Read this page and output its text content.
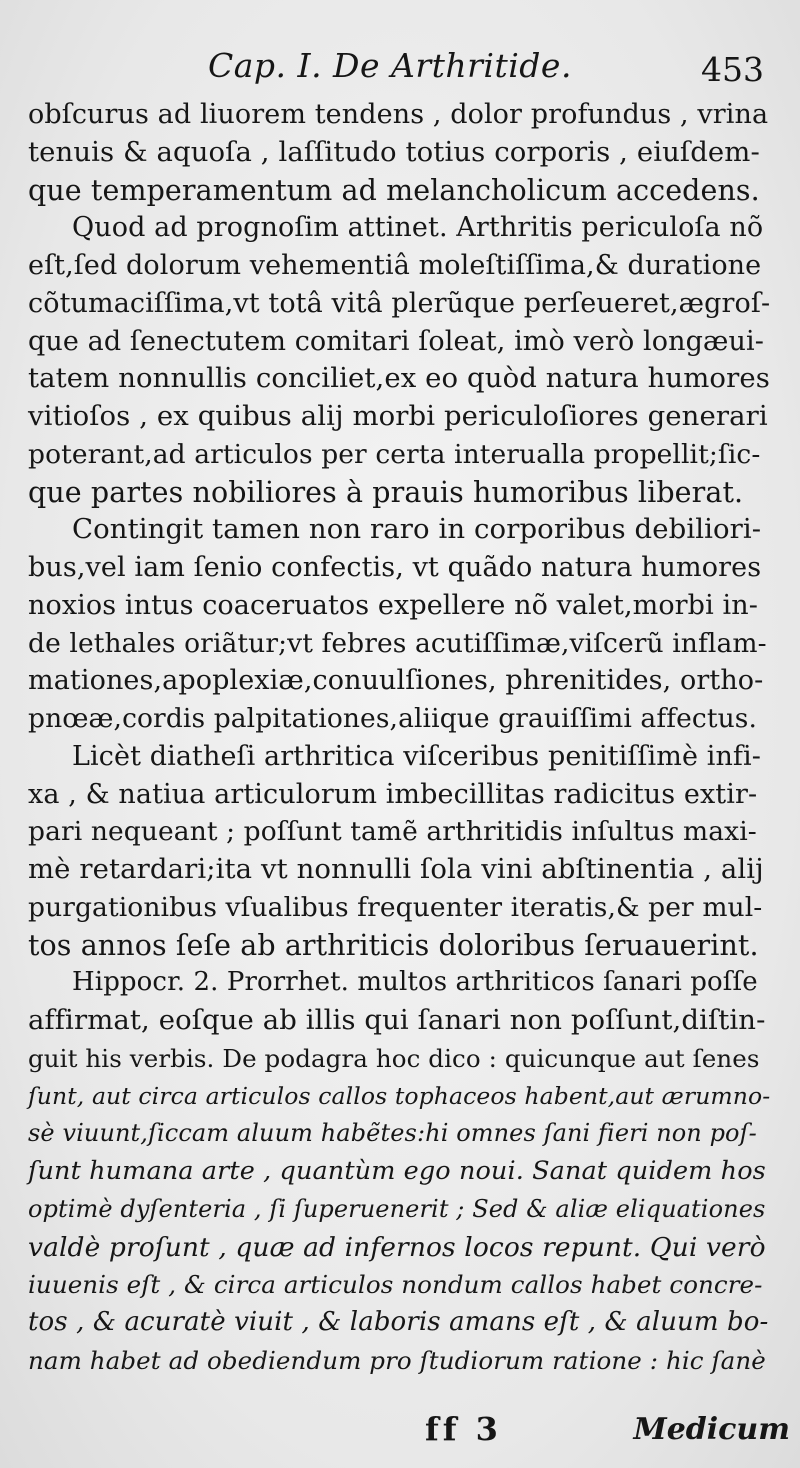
Cap. I. De Arthritide.	453
obſcurus ad liuorem tendens , dolor profundus , vrina
tenuis & aquoſa , laſſitudo totius corporis , eiuſdem-
que temperamentum ad melancholicum accedens.
Quod ad prognoſim attinet. Arthritis periculoſa nõ
eſt,ſed dolorum vehementiâ moleſtiſſima,& duratione
cõtumaciſſima,vt totâ vitâ plerũque perſeueret,ægroſ-
que ad ſenectutem comitari ſoleat, imò verò longæui-
tatem nonnullis conciliet,ex eo quòd natura humores
vitioſos , ex quibus alij morbi periculoſiores generari
poterant,ad articulos per certa interualla propellit;ſic-
que partes nobiliores à prauis humoribus liberat.
Contingit tamen non raro in corporibus debiliori-
bus,vel iam ſenio confectis, vt quãdo natura humores
noxios intus coaceruatos expellere nõ valet,morbi in-
de lethales oriãtur;vt febres acutiſſimæ,viſcerũ inflam-
mationes,apoplexiæ,conuulſiones, phrenitides, ortho-
pnœæ,cordis palpitationes,aliique grauiſſimi affectus.
Licèt diatheſi arthritica viſceribus penitiſſimè infi-
xa , & natiua articulorum imbecillitas radicitus extir-
pari nequeant ; poſſunt tamẽ arthritidis inſultus maxi-
mè retardari;ita vt nonnulli ſola vini abſtinentia , alij
purgationibus vſualibus frequenter iteratis,& per mul-
tos annos ſeſe ab arthriticis doloribus ſeruauerint.
Hippocr. 2. Prorrhet. multos arthriticos ſanari poſſe
affirmat, eoſque ab illis qui ſanari non poſſunt,diſtin-
guit his verbis. De podagra hoc dico : quicunque aut ſenes
ſunt, aut circa articulos callos tophaceos habent,aut ærumno-
sè viuunt,ſiccam aluum habẽtes:hi omnes ſani fieri non poſ-
ſunt humana arte , quantùm ego noui. Sanat quidem hos
optimè dyſenteria , ſi ſuperuenerit ; Sed & aliæ eliquationes
valdè proſunt , quæ ad infernos locos repunt. Qui verò
iuuenis eſt , & circa articulos nondum callos habet concre-
tos , & acuratè viuit , & laboris amans eſt , & aluum bo-
nam habet ad obediendum pro ſtudiorum ratione : hic ſanè
ff 3	Medicum
